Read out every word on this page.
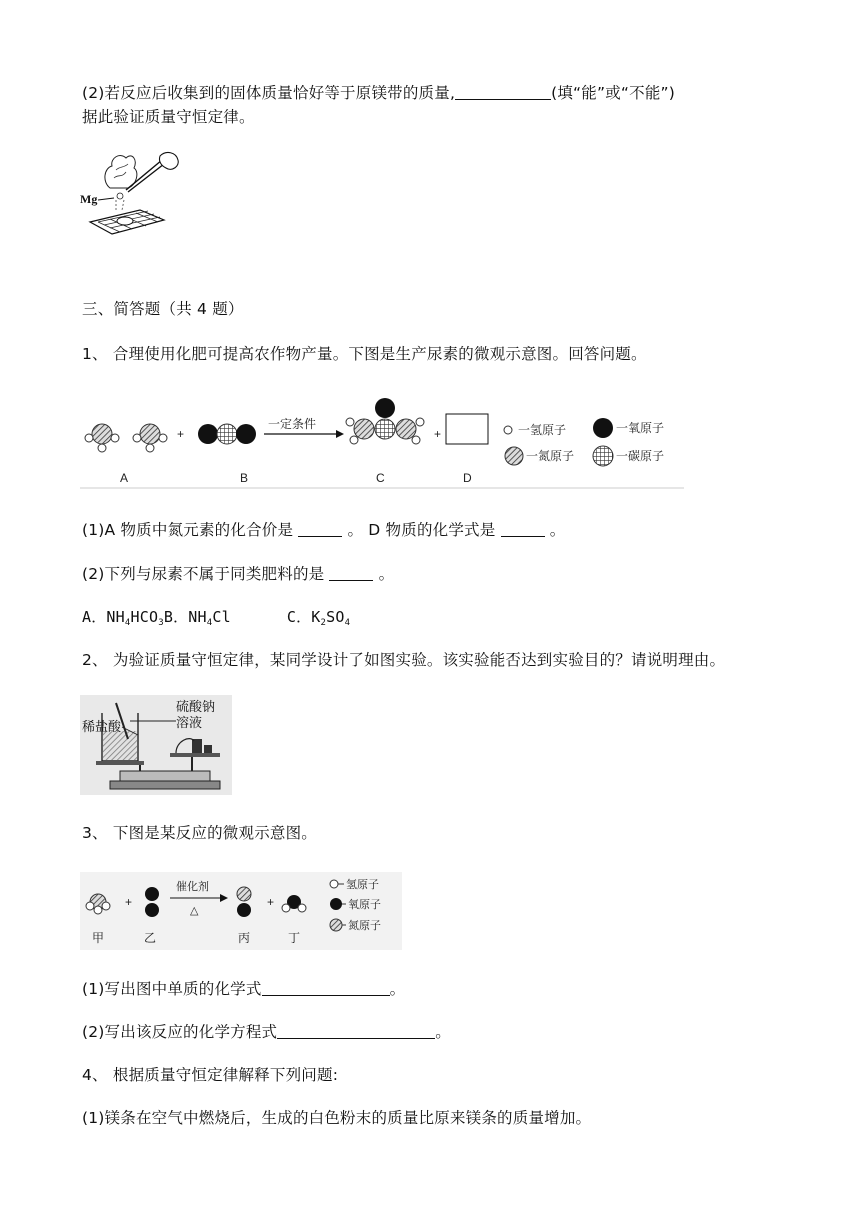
(2)若反应后收集到的固体质量恰好等于原镁带的质量,	(填“能”或“不能”)
据此验证质量守恒定律。
Mg
三、简答题（共 4 题）
1、 合理使用化肥可提高农作物产量。下图是生产尿素的微观示意图。回答问题。
+
一定条件
+
A	B	C	D
一氢原子	一氧原子
一氮原子	一碳原子
(1)A 物质中氮元素的化合价是	。 D 物质的化学式是	。
(2)下列与尿素不属于同类肥料的是	。
A．$NH_4HCO_3B$．$NH_4Cl$	C．$K_2SO_4$
2、 为验证质量守恒定律，某同学设计了如图实验。该实验能否达到实验目的？请说明理由。
稀盐酸
硫酸钠
溶液
3、 下图是某反应的微观示意图。
+
催化剂
△
+
甲	乙	丙	丁
氢原子
氧原子
氮原子
(1)写出图中单质的化学式	。
(2)写出该反应的化学方程式	。
4、 根据质量守恒定律解释下列问题:
(1)镁条在空气中燃烧后，生成的白色粉末的质量比原来镁条的质量增加。
